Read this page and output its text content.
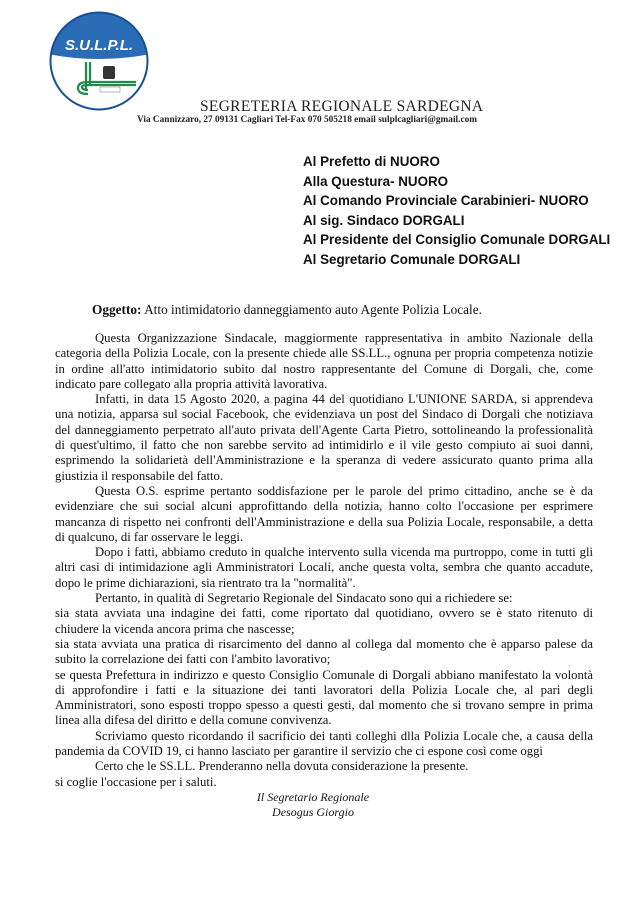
S.U.L.P.L.
SEGRETERIA REGIONALE SARDEGNA
Via Cannizzaro, 27 09131 Cagliari Tel-Fax 070 505218 email sulplcagliari@gmail.com
Al Prefetto di NUORO
Alla Questura- NUORO
Al Comando Provinciale Carabinieri- NUORO
Al sig. Sindaco DORGALI
Al Presidente del Consiglio Comunale DORGALI
Al Segretario Comunale DORGALI
Oggetto: Atto intimidatorio danneggiamento auto Agente Polizia Locale.

Questa Organizzazione Sindacale, maggiormente rappresentativa in ambito Nazionale della categoria della Polizia Locale, con la presente chiede alle SS.LL., ognuna per propria competenza notizie in ordine all'atto intimidatorio subito dal nostro rappresentante del Comune di Dorgali, che, come indicato pare collegato alla propria attività lavorativa.

Infatti, in data 15 Agosto 2020, a pagina 44 del quotidiano L'UNIONE SARDA, si apprendeva una notizia, apparsa sul social Facebook, che evidenziava un post del Sindaco di Dorgali che notiziava del danneggiamento perpetrato all'auto privata dell'Agente Carta Pietro, sottolineando la professionalità di quest'ultimo, il fatto che non sarebbe servito ad intimidirlo e il vile gesto compiuto ai suoi danni, esprimendo la solidarietà dell'Amministrazione e la speranza di vedere assicurato quanto prima alla giustizia il responsabile del fatto.

Questa O.S. esprime pertanto soddisfazione per le parole del primo cittadino, anche se è da evidenziare che sui social alcuni approfittando della notizia, hanno colto l'occasione per esprimere mancanza di rispetto nei confronti dell'Amministrazione e della sua Polizia Locale, responsabile, a detta di qualcuno, di far osservare le leggi.

Dopo i fatti, abbiamo creduto in qualche intervento sulla vicenda ma purtroppo, come in tutti gli altri casi di intimidazione agli Amministratori Locali, anche questa volta, sembra che quanto accadute, dopo le prime dichiarazioni, sia rientrato tra la "normalità".

Pertanto, in qualità di Segretario Regionale del Sindacato sono qui a richiedere se:

sia stata avviata una indagine dei fatti, come riportato dal quotidiano, ovvero se è stato ritenuto di chiudere la vicenda ancora prima che nascesse;

sia stata avviata una pratica di risarcimento del danno al collega dal momento che è apparso palese da subito la correlazione dei fatti con l'ambito lavorativo;

se questa Prefettura in indirizzo e questo Consiglio Comunale di Dorgali abbiano manifestato la volontà di approfondire i fatti e la situazione dei tanti lavoratori della Polizia Locale che, al pari degli Amministratori, sono esposti troppo spesso a questi gesti, dal momento che si trovano sempre in prima linea alla difesa del diritto e della comune convivenza.

Scriviamo questo ricordando il sacrificio dei tanti colleghi dlla Polizia Locale che, a causa della pandemia da COVID 19, ci hanno lasciato per garantire il servizio che ci espone così come oggi

Certo che le SS.LL. Prenderanno nella dovuta considerazione la presente.

si coglie l'occasione per i saluti.

Il Segretario Regionale
Desogus Giorgio
